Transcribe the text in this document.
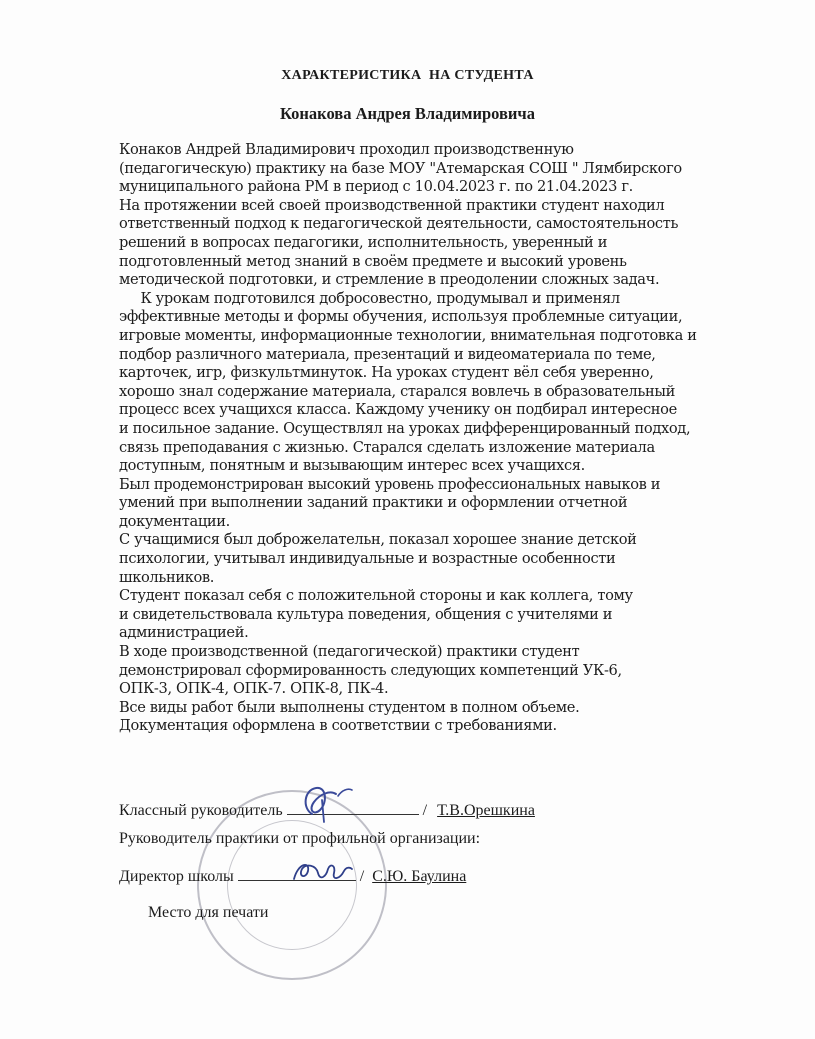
ХАРАКТЕРИСТИКА  НА СТУДЕНТА
Конакова Андрея Владимировича
Конаков Андрей Владимирович проходил производственную
(педагогическую) практику на базе МОУ "Атемарская СОШ " Лямбирского
муниципального района РМ в период с 10.04.2023 г. по 21.04.2023 г.
На протяжении всей своей производственной практики студент находил
ответственный подход к педагогической деятельности, самостоятельность
решений в вопросах педагогики, исполнительность, уверенный и
подготовленный метод знаний в своём предмете и высокий уровень
методической подготовки, и стремление в преодолении сложных задач.
К урокам подготовился добросовестно, продумывал и применял
эффективные методы и формы обучения, используя проблемные ситуации,
игровые моменты, информационные технологии, внимательная подготовка и
подбор различного материала, презентаций и видеоматериала по теме,
карточек, игр, физкультминуток. На уроках студент вёл себя уверенно,
хорошо знал содержание материала, старался вовлечь в образовательный
процесс всех учащихся класса. Каждому ученику он подбирал интересное
и посильное задание. Осуществлял на уроках дифференцированный подход,
связь преподавания с жизнью. Старался сделать изложение материала
доступным, понятным и вызывающим интерес всех учащихся.
Был продемонстрирован высокий уровень профессиональных навыков и
умений при выполнении заданий практики и оформлении отчетной
документации.
С учащимися был доброжелательн, показал хорошее знание детской
психологии, учитывал индивидуальные и возрастные особенности
школьников.
Студент показал себя с положительной стороны и как коллега, тому
и свидетельствовала культура поведения, общения с учителями и
администрацией.
В ходе производственной (педагогической) практики студент
демонстрировал сформированность следующих компетенций УК-6,
ОПК-3, ОПК-4, ОПК-7. ОПК-8, ПК-4.
Все виды работ были выполнены студентом в полном объеме.
Документация оформлена в соответствии с требованиями.
Классный руководитель	/ Т.В.Орешкина
Руководитель практики от профильной организации:
Директор школы	/ С.Ю. Баулина
Место для печати
